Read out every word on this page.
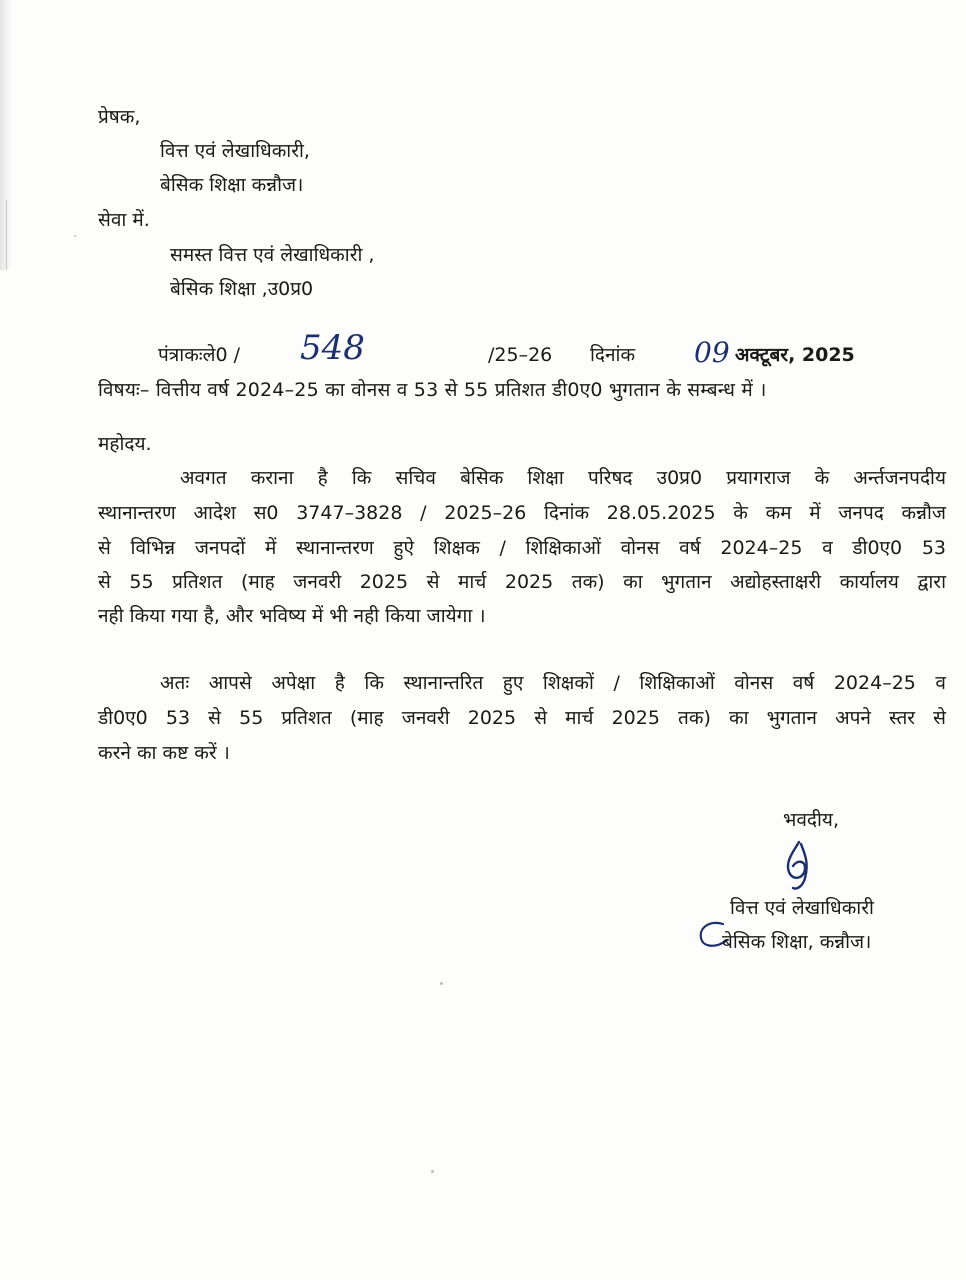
प्रेषक,
वित्त एवं लेखाधिकारी,
बेसिक शिक्षा कन्नौज।
सेवा में.
समस्त वित्त एवं लेखाधिकारी ,
बेसिक शिक्षा ,उ0प्र0
पंत्राकःले0 / 548	/25–26 दिनांक 09 अक्टूबर, 2025
विषयः– वित्तीय वर्ष 2024–25 का वोनस व 53 से 55 प्रतिशत डी0ए0 भुगतान के सम्बन्ध में ।
महोदय.
अवगत कराना है कि सचिव बेसिक शिक्षा परिषद उ0प्र0 प्रयागराज के अर्न्तजनपदीय
स्थानान्तरण आदेश स0 3747–3828 / 2025–26 दिनांक 28.05.2025 के कम में जनपद कन्नौज
से विभिन्न जनपदों में स्थानान्तरण हुऐ शिक्षक / शिक्षिकाओं वोनस वर्ष 2024–25 व डी0ए0 53
से 55 प्रतिशत (माह जनवरी 2025 से मार्च 2025 तक) का भुगतान अद्योहस्ताक्षरी कार्यालय द्वारा
नही किया गया है, और भविष्य में भी नही किया जायेगा ।
अतः आपसे अपेक्षा है कि स्थानान्तरित हुए शिक्षकों / शिक्षिकाओं वोनस वर्ष 2024–25 व
डी0ए0 53 से 55 प्रतिशत (माह जनवरी 2025 से मार्च 2025 तक) का भुगतान अपने स्तर से
करने का कष्ट करें ।
भवदीय,
वित्त एवं लेखाधिकारी
बेसिक शिक्षा, कन्नौज।
